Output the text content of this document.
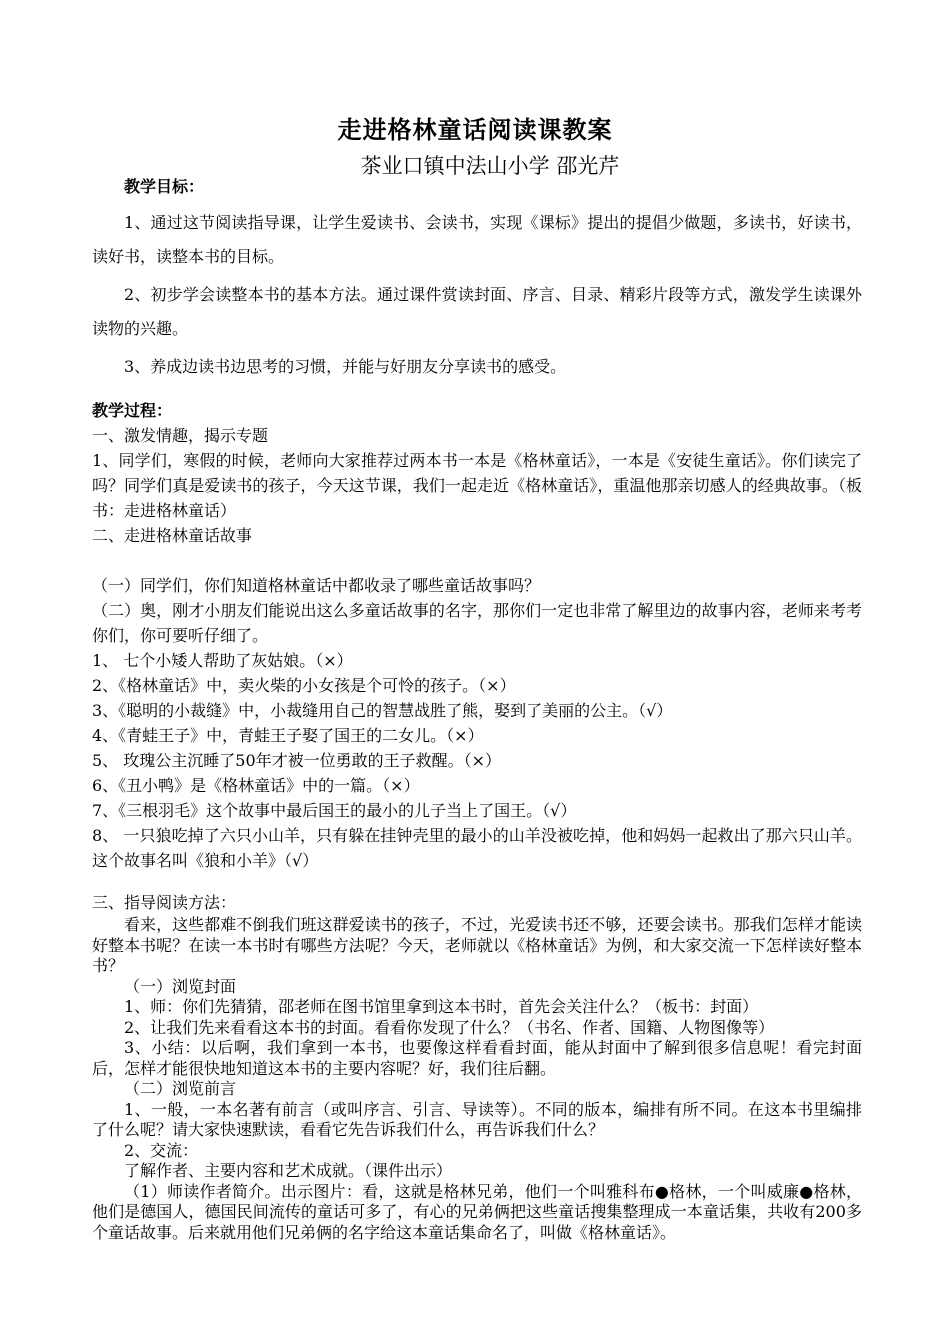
走进格林童话阅读课教案
茶业口镇中法山小学 邵光芹

教学目标：

1、通过这节阅读指导课，让学生爱读书、会读书，实现《课标》提出的提倡少做题，多读书，好读书，读好书，读整本书的目标。

2、初步学会读整本书的基本方法。通过课件赏读封面、序言、目录、精彩片段等方式，激发学生读课外读物的兴趣。

3、养成边读书边思考的习惯，并能与好朋友分享读书的感受。

教学过程：

一、激发情趣，揭示专题

1、同学们，寒假的时候，老师向大家推荐过两本书一本是《格林童话》，一本是《安徒生童话》。你们读完了吗？同学们真是爱读书的孩子，今天这节课，我们一起走近《格林童话》，重温他那亲切感人的经典故事。（板书：走进格林童话）

二、走进格林童话故事

（一）同学们，你们知道格林童话中都收录了哪些童话故事吗？

（二）奥，刚才小朋友们能说出这么多童话故事的名字，那你们一定也非常了解里边的故事内容，老师来考考你们，你可要听仔细了。

1、 七个小矮人帮助了灰姑娘。（×）

2、《格林童话》中，卖火柴的小女孩是个可怜的孩子。（×）

3、《聪明的小裁缝》中，小裁缝用自己的智慧战胜了熊，娶到了美丽的公主。（√）

4、《青蛙王子》中，青蛙王子娶了国王的二女儿。（×）

5、 玫瑰公主沉睡了50年才被一位勇敢的王子救醒。（×）

6、《丑小鸭》是《格林童话》中的一篇。（×）

7、《三根羽毛》这个故事中最后国王的最小的儿子当上了国王。（√）

8、 一只狼吃掉了六只小山羊，只有躲在挂钟壳里的最小的山羊没被吃掉，他和妈妈一起救出了那六只山羊。这个故事名叫《狼和小羊》（√）

三、指导阅读方法：

看来，这些都难不倒我们班这群爱读书的孩子，不过，光爱读书还不够，还要会读书。那我们怎样才能读好整本书呢？在读一本书时有哪些方法呢？今天，老师就以《格林童话》为例，和大家交流一下怎样读好整本书？

（一）浏览封面

1、师：你们先猜猜，邵老师在图书馆里拿到这本书时，首先会关注什么？（板书：封面）

2、让我们先来看看这本书的封面。看看你发现了什么？（书名、作者、国籍、人物图像等）

3、小结：以后啊，我们拿到一本书，也要像这样看看封面，能从封面中了解到很多信息呢！看完封面后，怎样才能很快地知道这本书的主要内容呢？好，我们往后翻。

（二）浏览前言

1、一般，一本名著有前言（或叫序言、引言、导读等）。不同的版本，编排有所不同。在这本书里编排了什么呢？请大家快速默读，看看它先告诉我们什么，再告诉我们什么？

2、交流：

了解作者、主要内容和艺术成就。（课件出示）

（1）师读作者简介。出示图片：看，这就是格林兄弟，他们一个叫雅科布●格林，一个叫威廉●格林，他们是德国人，德国民间流传的童话可多了，有心的兄弟俩把这些童话搜集整理成一本童话集，共收有200多个童话故事。后来就用他们兄弟俩的名字给这本童话集命名了，叫做《格林童话》。
